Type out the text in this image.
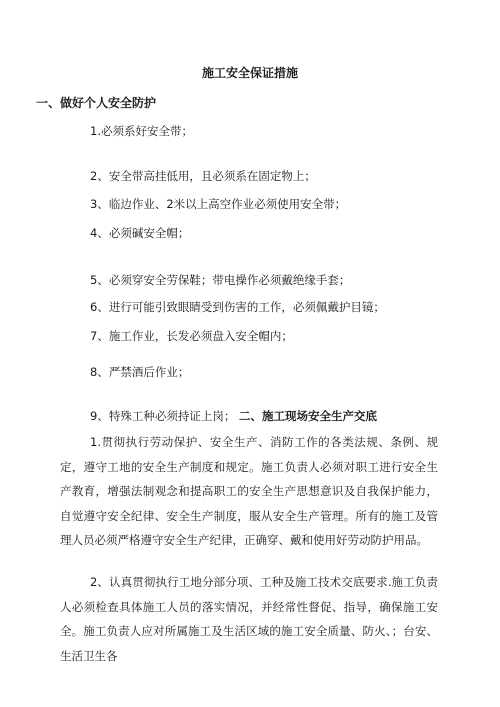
施工安全保证措施
一、做好个人安全防护
1.必须系好安全带；
2、安全带高挂低用，且必须系在固定物上；
3、临边作业、2米以上高空作业必须使用安全带；
4、必须碱安全帽；
5、必须穿安全劳保鞋；带电操作必须戴绝缘手套；
6、进行可能引致眼睛受到伤害的工作，必须佩戴护目镜；
7、施工作业，长发必须盘入安全帽内；
8、严禁酒后作业；
9、特殊工种必须持证上岗； 二、施工现场安全生产交底
1.贯彻执行劳动保护、安全生产、消防工作的各类法规、条例、规定，遵守工地的安全生产制度和规定。施工负责人必须对职工进行安全生产教育，增强法制观念和提高职工的安全生产思想意识及自我保护能力，自觉遵守安全纪律、安全生产制度，服从安全生产管理。所有的施工及管理人员必须严格遵守安全生产纪律，正确穿、戴和使用好劳动防护用品。
2、认真贯彻执行工地分部分项、工种及施工技术交底要求.施工负责人必须检查具体施工人员的落实情况，并经常性督促、指导，确保施工安全。施工负责人应对所属施工及生活区域的施工安全质量、防火、；台安、生活卫生各
